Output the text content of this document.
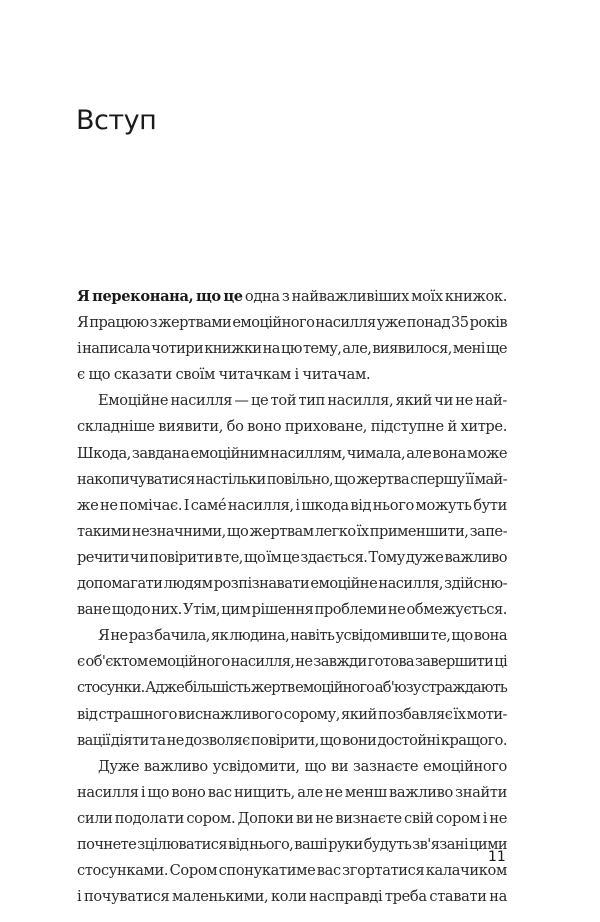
Вступ
Я переконана, що це одна з найважливіших моїх книжок.
Я працюю з жертвами емоційного насилля уже понад 35 років
і написала чотири книжки на цю тему, але, виявилося, мені ще
є що сказати своїм читачкам і читачам.
Емоційне насилля — це той тип насилля, який чи не най-
складніше виявити, бо воно приховане, підступне й хитре.
Шкода, завдана емоційним насиллям, чимала, але вона може
накопичуватися настільки повільно, що жертва спершу її май-
же не помічає. І самé насилля, і шкода від нього можуть бути
такими незначними, що жертвам легко їх применшити, запе-
речити чи повірити в те, що їм це здається. Тому дуже важливо
допомагати людям розпізнавати емоційне насилля, здійсню-
ване щодо них. Утім, цим рішення проблеми не обмежується.
Я не раз бачила, як людина, навіть усвідомивши те, що вона
є об'єктом емоційного насилля, не завжди готова завершити ці
стосунки. Адже більшість жертв емоційного аб'юзу страждають
від страшного виснажливого сорому, який позбавляє їх моти-
вації діяти та не дозволяє повірити, що вони достойні кращого.
Дуже важливо усвідомити, що ви зазнаєте емоційного
насилля і що воно вас нищить, але не менш важливо знайти
сили подолати сором. Допоки ви не визнаєте свій сором і не
почнете зцілюватися від нього, ваші руки будуть зв'язані цими
стосунками. Сором спонукатиме вас згортатися калачиком
і почуватися маленькими, коли насправді треба ставати на
11
